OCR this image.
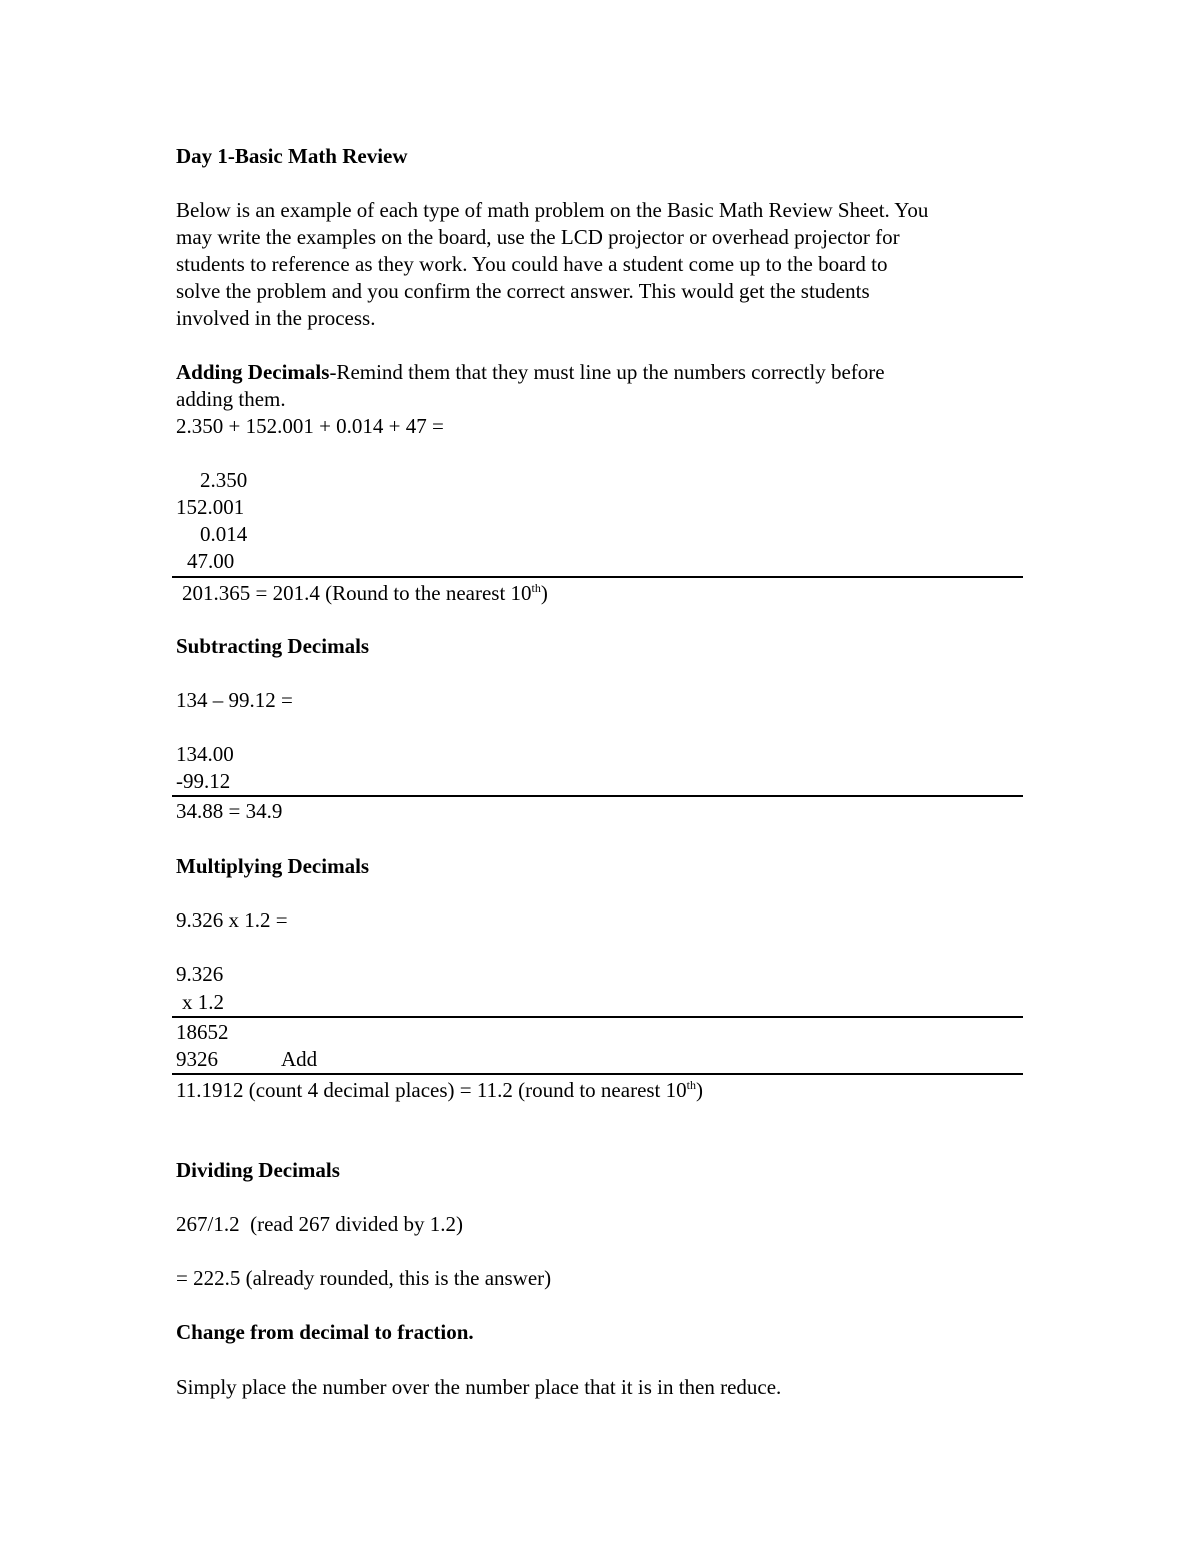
Day 1-Basic Math Review
Below is an example of each type of math problem on the Basic Math Review Sheet. You
may write the examples on the board, use the LCD projector or overhead projector for
students to reference as they work. You could have a student come up to the board to
solve the problem and you confirm the correct answer. This would get the students
involved in the process.
Adding Decimals-Remind them that they must line up the numbers correctly before
adding them.
2.350 + 152.001 + 0.014 + 47 =
2.350
152.001
0.014
47.00
201.365 = 201.4 (Round to the nearest 10th)
Subtracting Decimals
134 – 99.12 =
134.00
-99.12
34.88 = 34.9
Multiplying Decimals
9.326 x 1.2 =
9.326
x 1.2
18652
9326	Add
11.1912 (count 4 decimal places) = 11.2 (round to nearest 10th)
Dividing Decimals
267/1.2  (read 267 divided by 1.2)
= 222.5 (already rounded, this is the answer)
Change from decimal to fraction.
Simply place the number over the number place that it is in then reduce.
